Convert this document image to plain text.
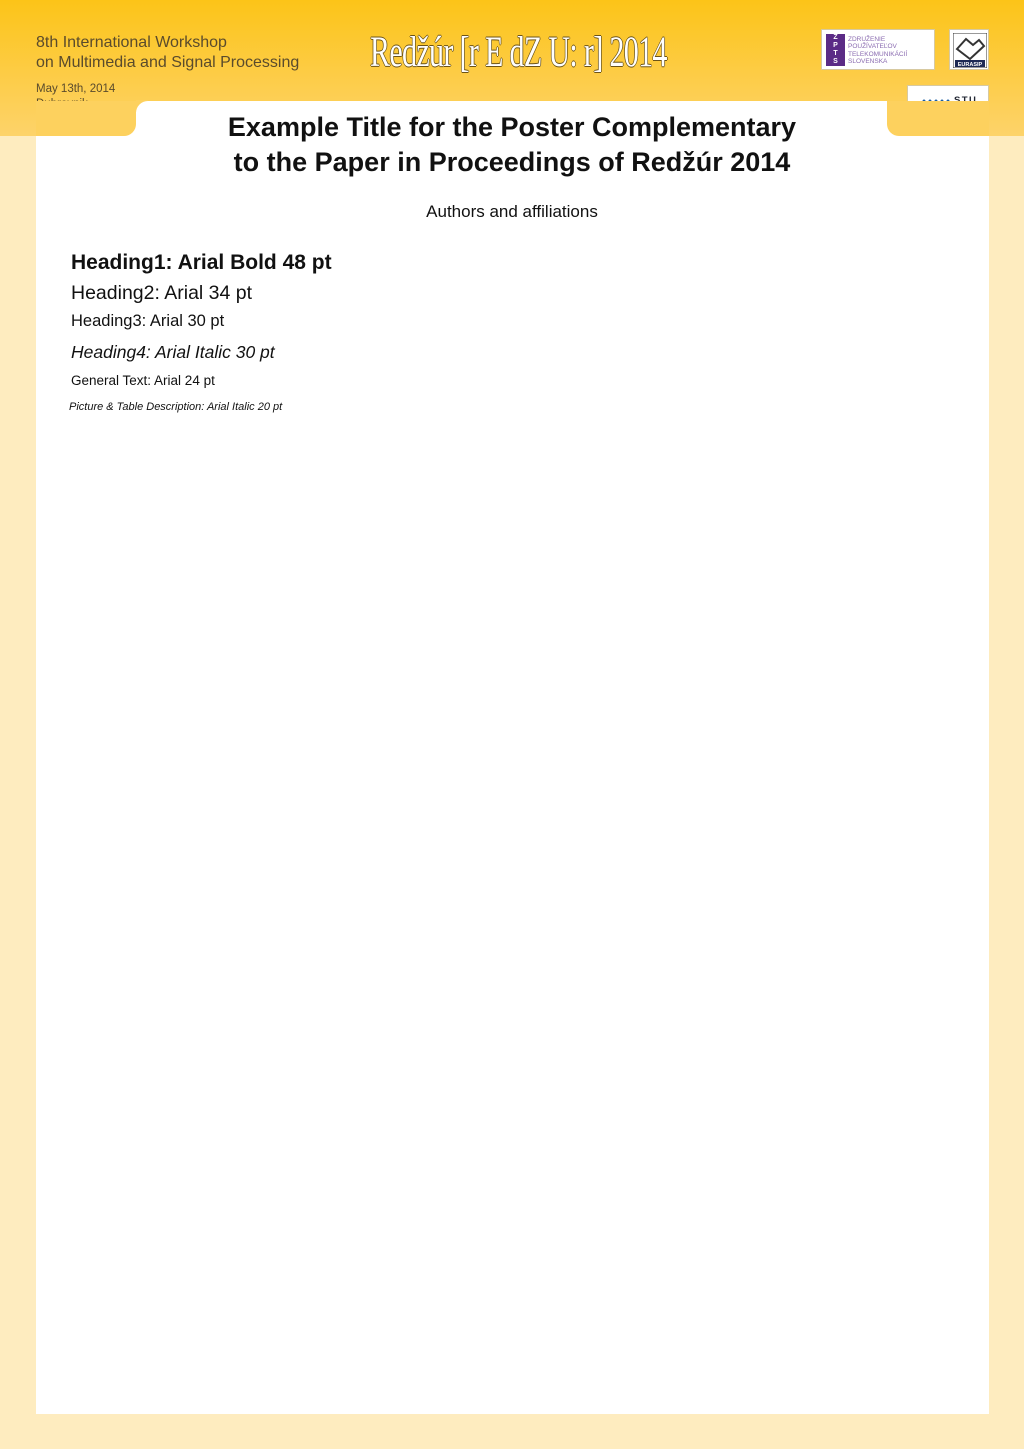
8th International Workshop
on Multimedia and Signal Processing
May 13th, 2014
Redžúr [r E dZ U: r] 2014	Z
P
T
S
ZDRUŽENIE
POUŽÍVATEĽOV
TELEKOMUNIKÁCIÍ
SLOVENSKA
EURASIP
Example Title for the Poster Complementary
to the Paper in Proceedings of Redžúr 2014
Authors and affiliations
Heading1: Arial Bold 48 pt
Heading2: Arial 34 pt
Heading3: Arial 30 pt
Heading4: Arial Italic 30 pt
General Text: Arial 24 pt
Picture & Table Description: Arial Italic 20 pt
